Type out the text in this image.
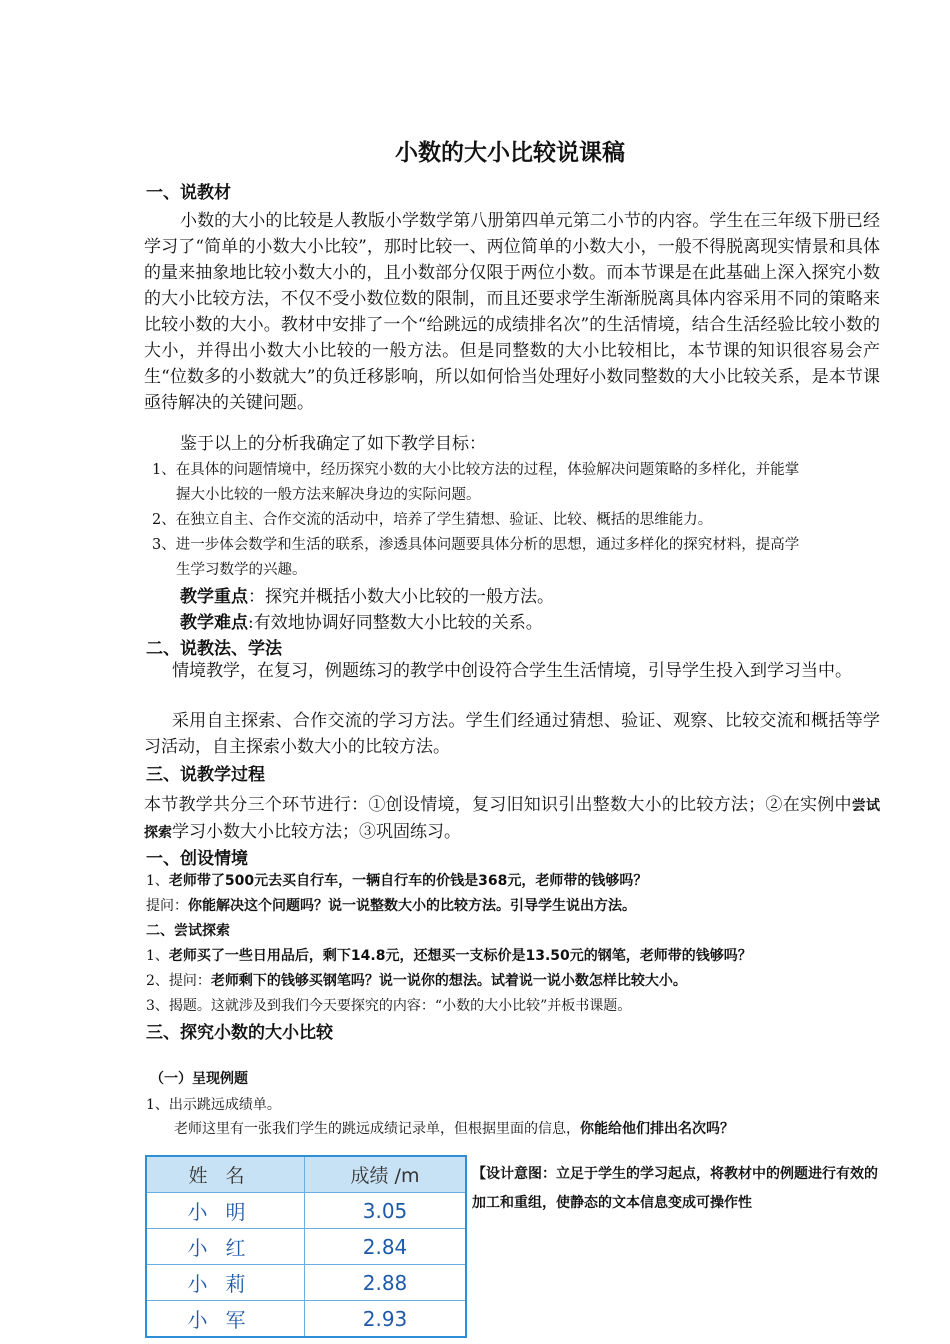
小数的大小比较说课稿
一、说教材
小数的大小的比较是人教版小学数学第八册第四单元第二小节的内容。学生在三年级下册已经学习了“简单的小数大小比较”，那时比较一、两位简单的小数大小，一般不得脱离现实情景和具体的量来抽象地比较小数大小的，且小数部分仅限于两位小数。而本节课是在此基础上深入探究小数的大小比较方法，不仅不受小数位数的限制，而且还要求学生渐渐脱离具体内容采用不同的策略来比较小数的大小。教材中安排了一个“给跳远的成绩排名次”的生活情境，结合生活经验比较小数的大小，并得出小数大小比较的一般方法。但是同整数的大小比较相比，本节课的知识很容易会产生“位数多的小数就大”的负迁移影响，所以如何恰当处理好小数同整数的大小比较关系，是本节课亟待解决的关键问题。
鉴于以上的分析我确定了如下教学目标：
1、在具体的问题情境中，经历探究小数的大小比较方法的过程，体验解决问题策略的多样化，并能掌
握大小比较的一般方法来解决身边的实际问题。
2、在独立自主、合作交流的活动中，培养了学生猜想、验证、比较、概括的思维能力。
3、进一步体会数学和生活的联系，渗透具体问题要具体分析的思想，通过多样化的探究材料，提高学
生学习数学的兴趣。
教学重点：探究并概括小数大小比较的一般方法。
教学难点:有效地协调好同整数大小比较的关系。
二、说教法、学法
情境教学，在复习，例题练习的教学中创设符合学生生活情境，引导学生投入到学习当中。
采用自主探索、合作交流的学习方法。学生们经通过猜想、验证、观察、比较交流和概括等学习活动，自主探索小数大小的比较方法。
三、说教学过程
本节教学共分三个环节进行：①创设情境，复习旧知识引出整数大小的比较方法；②在实例中尝试探索学习小数大小比较方法；③巩固练习。
一、创设情境
1、老师带了500元去买自行车，一辆自行车的价钱是368元，老师带的钱够吗？
提问：你能解决这个问题吗？说一说整数大小的比较方法。引导学生说出方法。
二、尝试探索
1、老师买了一些日用品后，剩下14.8元，还想买一支标价是13.50元的钢笔，老师带的钱够吗？
2、提问：老师剩下的钱够买钢笔吗？说一说你的想法。试着说一说小数怎样比较大小。
3、揭题。这就涉及到我们今天要探究的内容：“小数的大小比较”并板书课题。
三、探究小数的大小比较
（一）呈现例题
1、出示跳远成绩单。
老师这里有一张我们学生的跳远成绩记录单，但根据里面的信息，你能给他们排出名次吗？
姓名	成绩 /m
小明	3.05
小红	2.84
小莉	2.88
小军	2.93
【设计意图：立足于学生的学习起点，将教材中的例题进行有效的加工和重组，使静态的文本信息变成可操作性
